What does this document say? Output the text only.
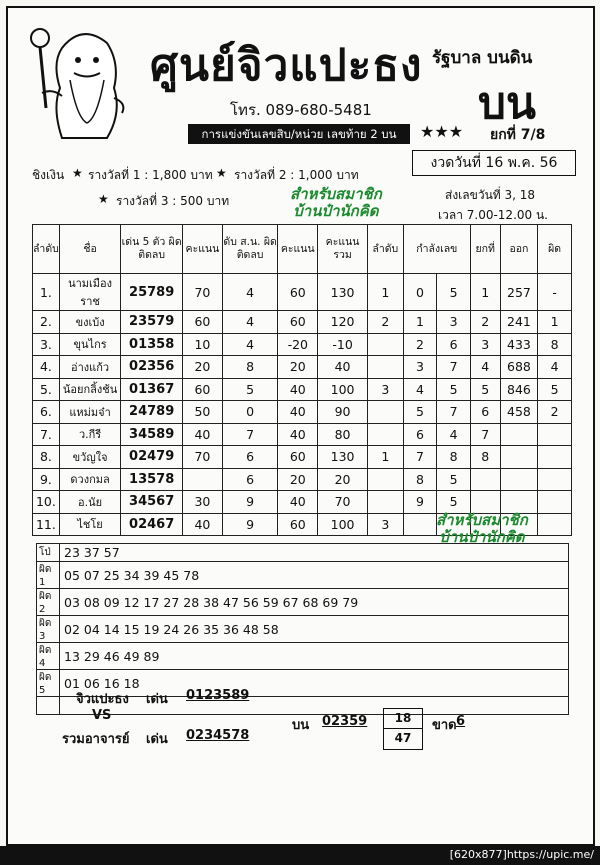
ศูนย์จิวแปะธง รัฐบาล บนดิน
บน
โทร. 089-680-5481
การแข่งขันเลขสิบ/หน่วย เลขท้าย 2 บน	★★★ ยกที่ 7/8
งวดวันที่ 16 พ.ค. 56
ชิงเงิน ★ รางวัลที่ 1 : 1,800 บาท ★ รางวัลที่ 2 : 1,000 บาท
★ รางวัลที่ 3 : 500 บาท	สำหรับสมาชิก
บ้านป๋านักคิด
ส่งเลขวันที่ 3, 18
เวลา 7.00-12.00 น.
ลำดับ	ชื่อ	เด่น 5 ตัว ผิดติดลบ	คะแนน	ดับ ส.น. ผิดติดลบ	คะแนน	คะแนน รวม	ลำดับ	กำลังเลข		ยกที่	ออก	ผิด
1.	นามเมืองราช	25789	70	4	60	130	1	0	5	1	257	-
2.	ขงเบ้ง	23579	60	4	60	120	2	1	3	2	241	1
3.	ขุนไกร	01358	10	4	-20	-10		2	6	3	433	8
4.	อ่างแก้ว	02356	20	8	20	40		3	7	4	688	4
5.	น้อยกลิ้งช้น	01367	60	5	40	100	3	4	5	5	846	5
6.	แหม่มจ๋า	24789	50	0	40	90		5	7	6	458	2
7.	ว.กีรี	34589	40	7	40	80		6	4	7		
8.	ขวัญใจ	02479	70	6	60	130	1	7	8	8		
9.	ดวงกมล	13578		6	20	20		8	5			
10.	อ.นัย	34567	30	9	40	70		9	5			
11.	ไชโย	02467	40	9	60	100	3						สำหรับสมาชิก
บ้านป๋านักคิด
โป่	23 37 57
ผิด 1	05 07 25 34 39 45 78
ผิด 2	03 08 09 12 17 27 28 38 47 56 59 67 68 69 79
ผิด 3	02 04 14 15 19 24 26 35 36 48 58
ผิด 4	13 29 46 49 89
ผิด 5	01 06 16 18

จิวแปะธง เด่น 0123589
VS
รวมอาจารย์ เด่น 0234578
บน 02359	18
47
ขาด 6
[620x877]https://upic.me/
